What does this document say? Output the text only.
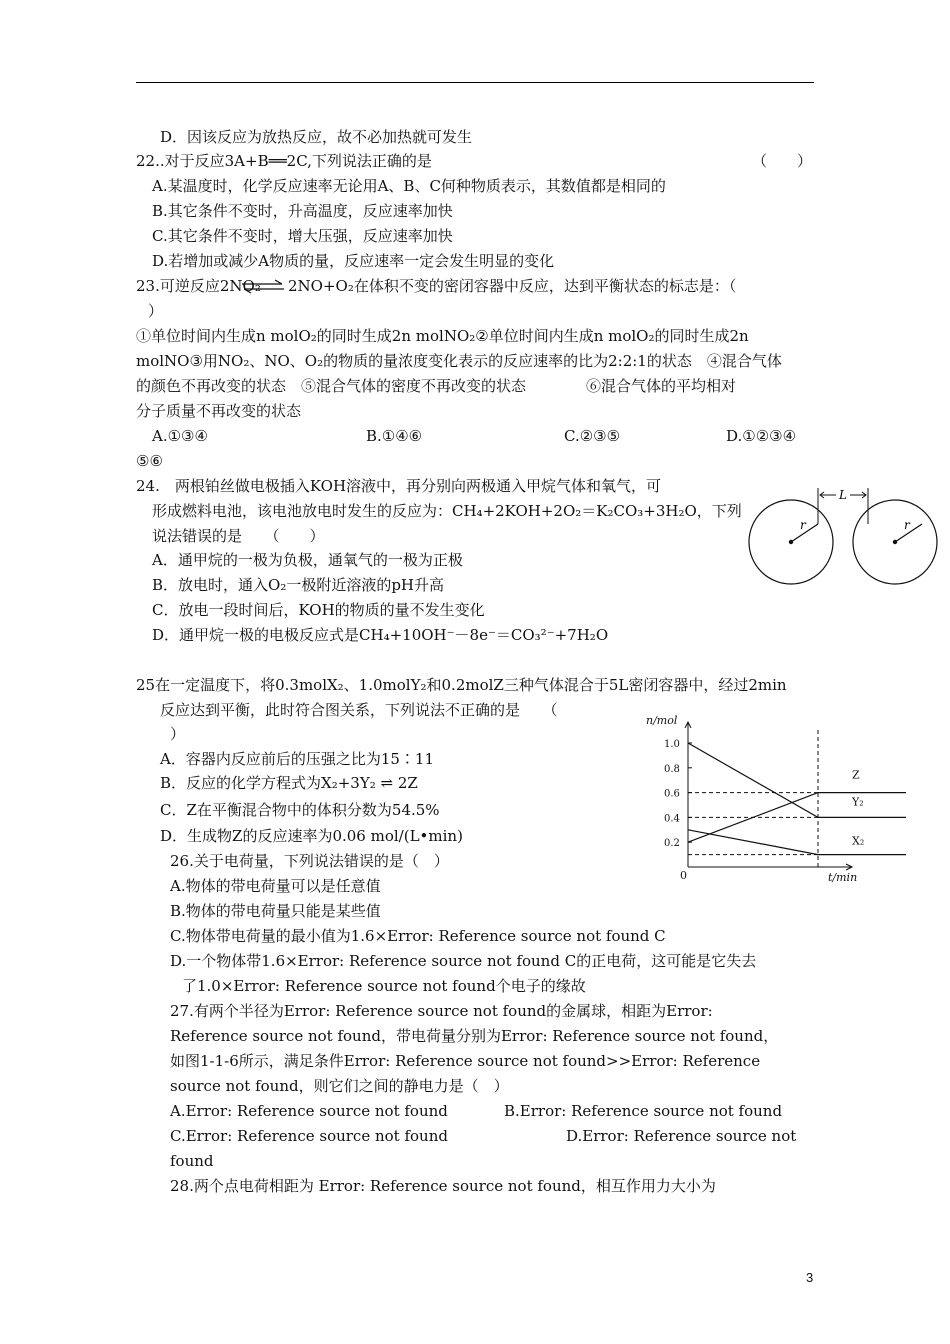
D．因该反应为放热反应，故不必加热就可发生
22..对于反应3A+B══2C,下列说法正确的是	（　　）
A.某温度时，化学反应速率无论用A、B、C何种物质表示，其数值都是相同的
B.其它条件不变时，升高温度，反应速率加快
C.其它条件不变时，增大压强，反应速率加快
D.若增加或减少A物质的量，反应速率一定会发生明显的变化
23.可逆反应2NO₂ ⇌ 2NO+O₂在体积不变的密闭容器中反应，达到平衡状态的标志是：（
）
①单位时间内生成n molO₂的同时生成2n molNO₂②单位时间内生成n molO₂的同时生成2n
molNO③用NO₂、NO、O₂的物质的量浓度变化表示的反应速率的比为2:2:1的状态　④混合气体
的颜色不再改变的状态　⑤混合气体的密度不再改变的状态　　　　⑥混合气体的平均相对
分子质量不再改变的状态
A.①③④	B.①④⑥	C.②③⑤	D.①②③④
⑤⑥
24.　两根铂丝做电极插入KOH溶液中，再分别向两极通入甲烷气体和氧气，可
形成燃料电池，该电池放电时发生的反应为：CH₄+2KOH+2O₂＝K₂CO₃+3H₂O，下列
说法错误的是　　（　　）
A．通甲烷的一极为负极，通氧气的一极为正极
B．放电时，通入O₂一极附近溶液的pH升高
C．放电一段时间后，KOH的物质的量不发生变化
D．通甲烷一极的电极反应式是CH₄+10OH⁻－8e⁻＝CO₃²⁻+7H₂O
L
r	r
25在一定温度下，将0.3molX₂、1.0molY₂和0.2molZ三种气体混合于5L密闭容器中，经过2min
反应达到平衡，此时符合图关系，下列说法不正确的是　　（
）
A．容器内反应前后的压强之比为15∶11
B．反应的化学方程式为X₂+3Y₂ ⇌ 2Z
C．Z在平衡混合物中的体积分数为54.5%
D．生成物Z的反应速率为0.06 mol/(L•min)
n/mol
t/min
0
1.0
0.8
0.6
0.4
0.2
Z
Y₂
X₂
26.关于电荷量，下列说法错误的是（　）
A.物体的带电荷量可以是任意值
B.物体的带电荷量只能是某些值
C.物体带电荷量的最小值为1.6×Error: Reference source not found C
D.一个物体带1.6×Error: Reference source not found C的正电荷，这可能是它失去
了1.0×Error: Reference source not found个电子的缘故
27.有两个半径为Error: Reference source not found的金属球，相距为Error:
Reference source not found，带电荷量分别为Error: Reference source not found，
如图1-1-6所示，满足条件Error: Reference source not found>>Error: Reference
source not found，则它们之间的静电力是（　）
A.Error: Reference source not found	B.Error: Reference source not found
C.Error: Reference source not found	D.Error: Reference source not
found
28.两个点电荷相距为 Error: Reference source not found，相互作用力大小为
3
